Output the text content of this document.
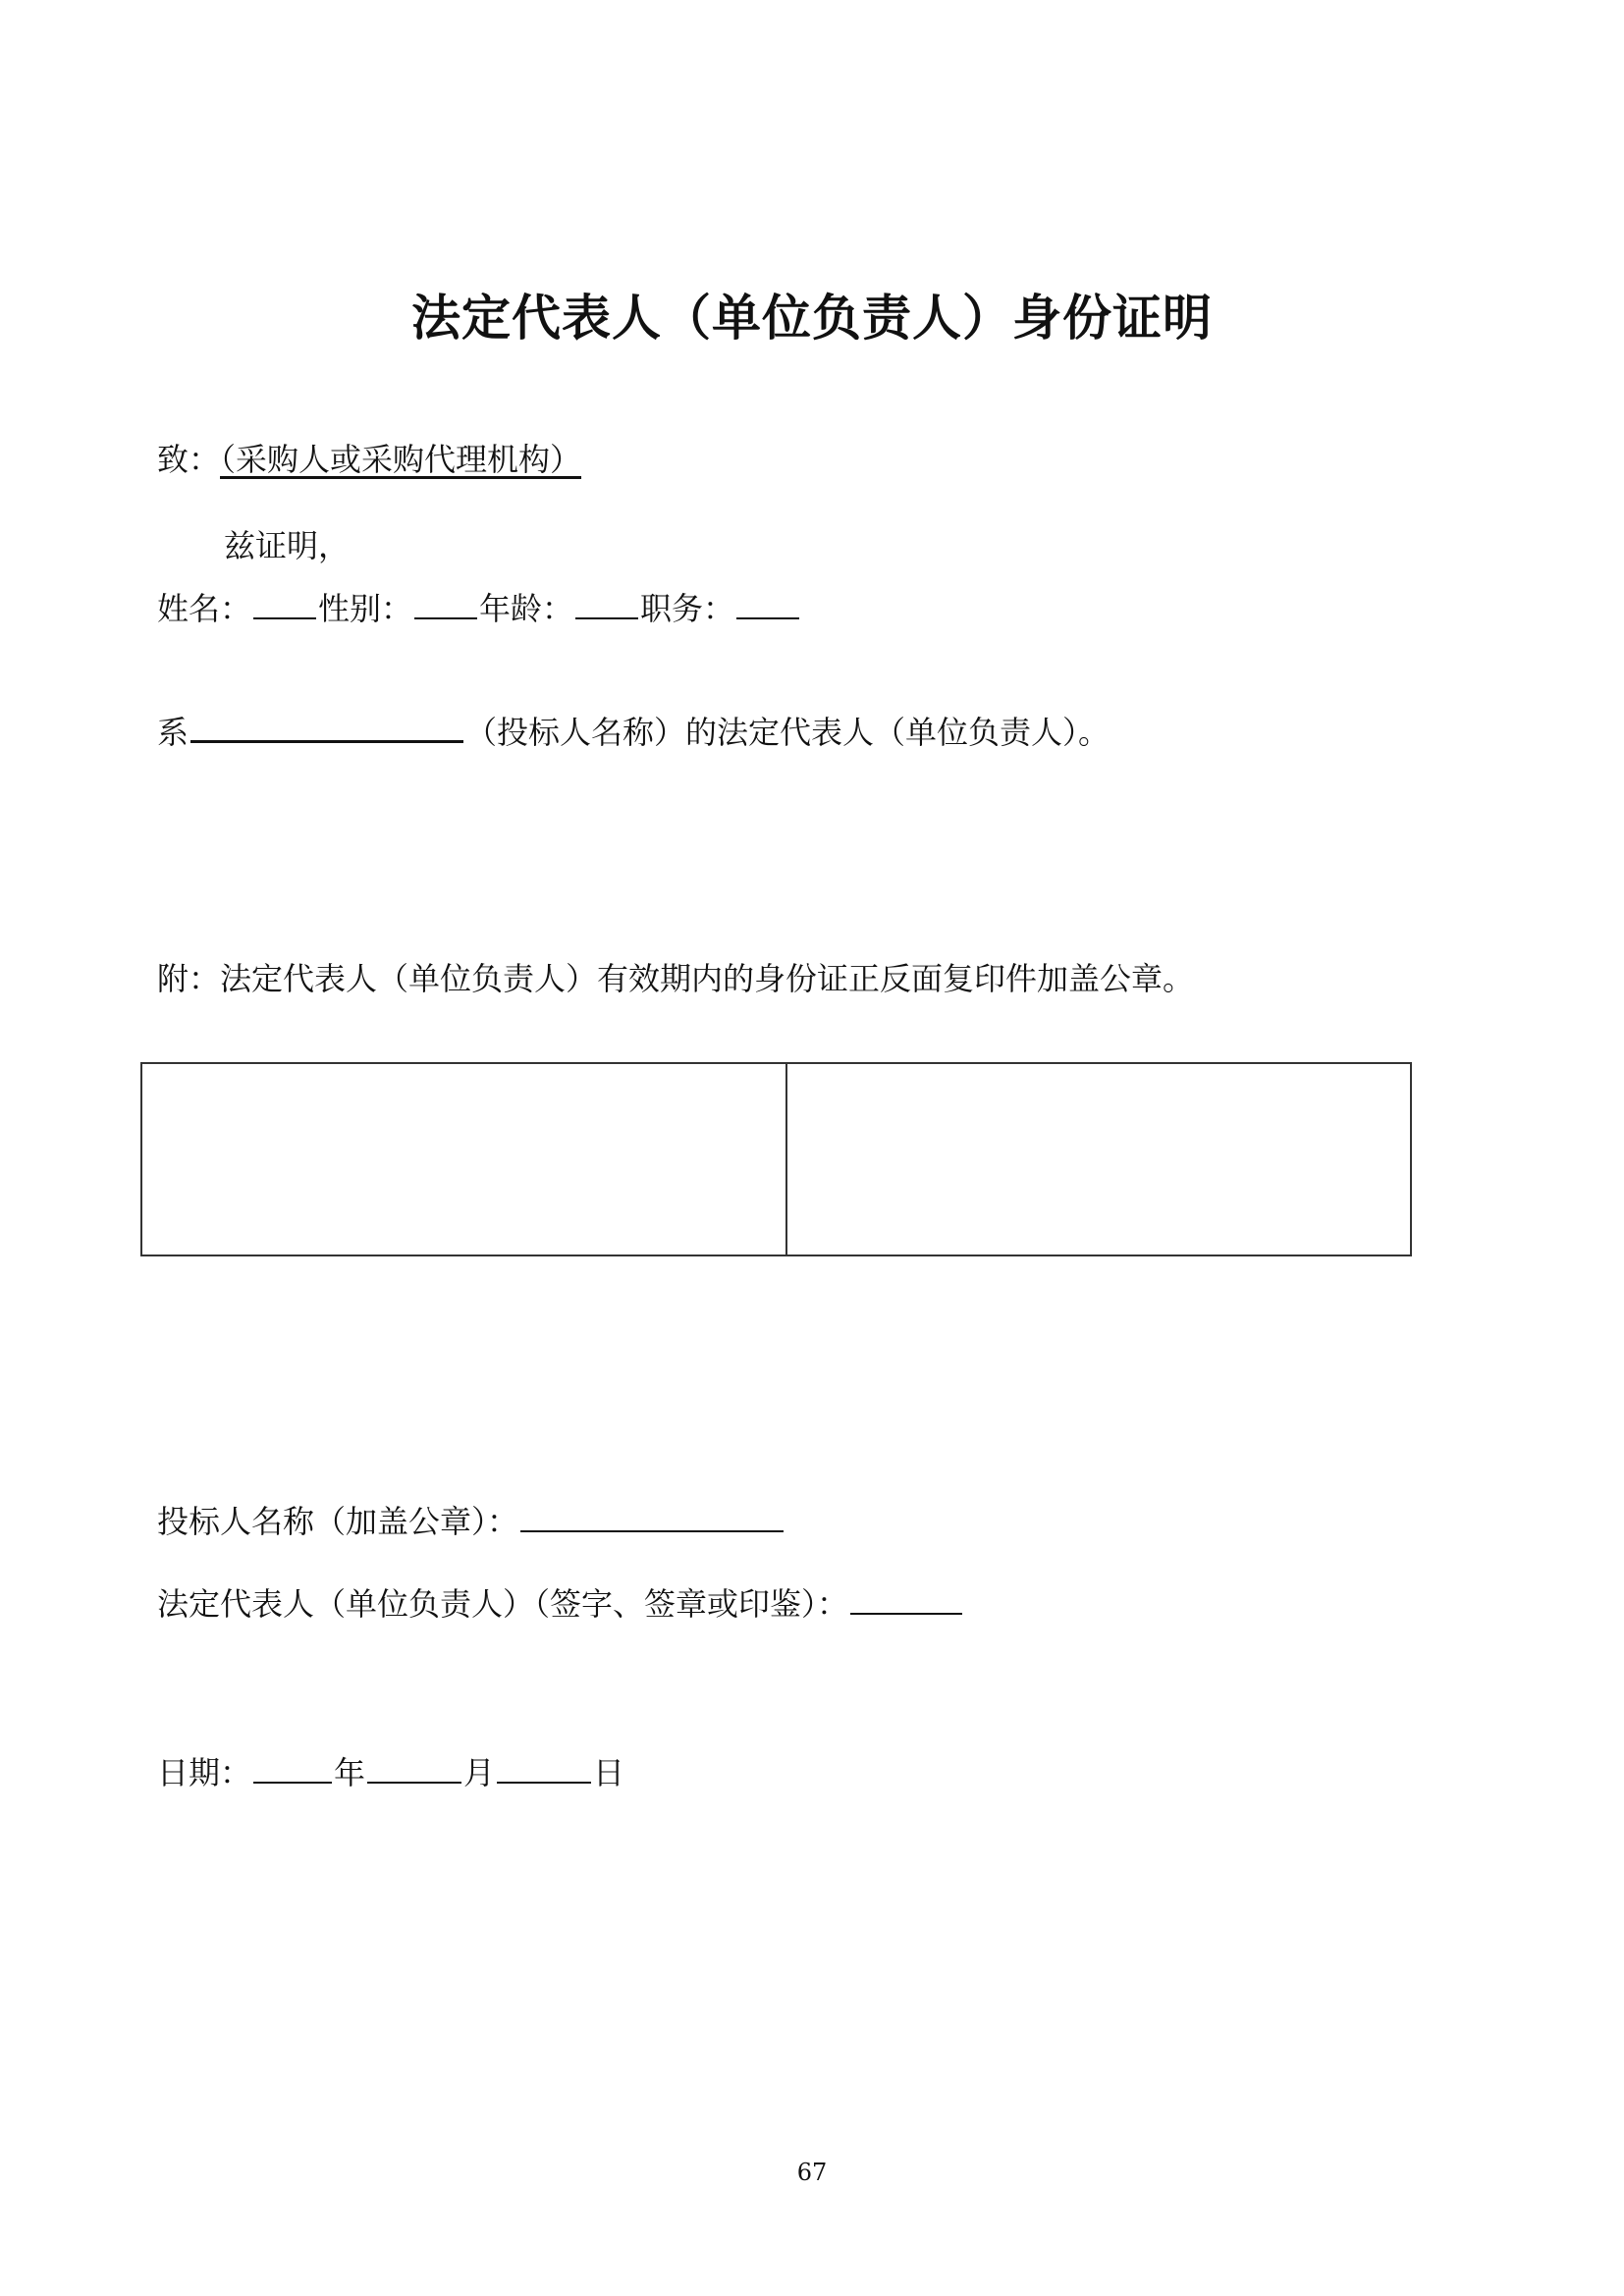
法定代表人（单位负责人）身份证明
致：（采购人或采购代理机构）
兹证明，
姓名： 性别： 年龄： 职务：
系	（投标人名称）的法定代表人（单位负责人）。
附：法定代表人（单位负责人）有效期内的身份证正反面复印件加盖公章。
投标人名称（加盖公章）：
法定代表人（单位负责人）（签字、签章或印鉴）：
日期：	年	月	日
67
